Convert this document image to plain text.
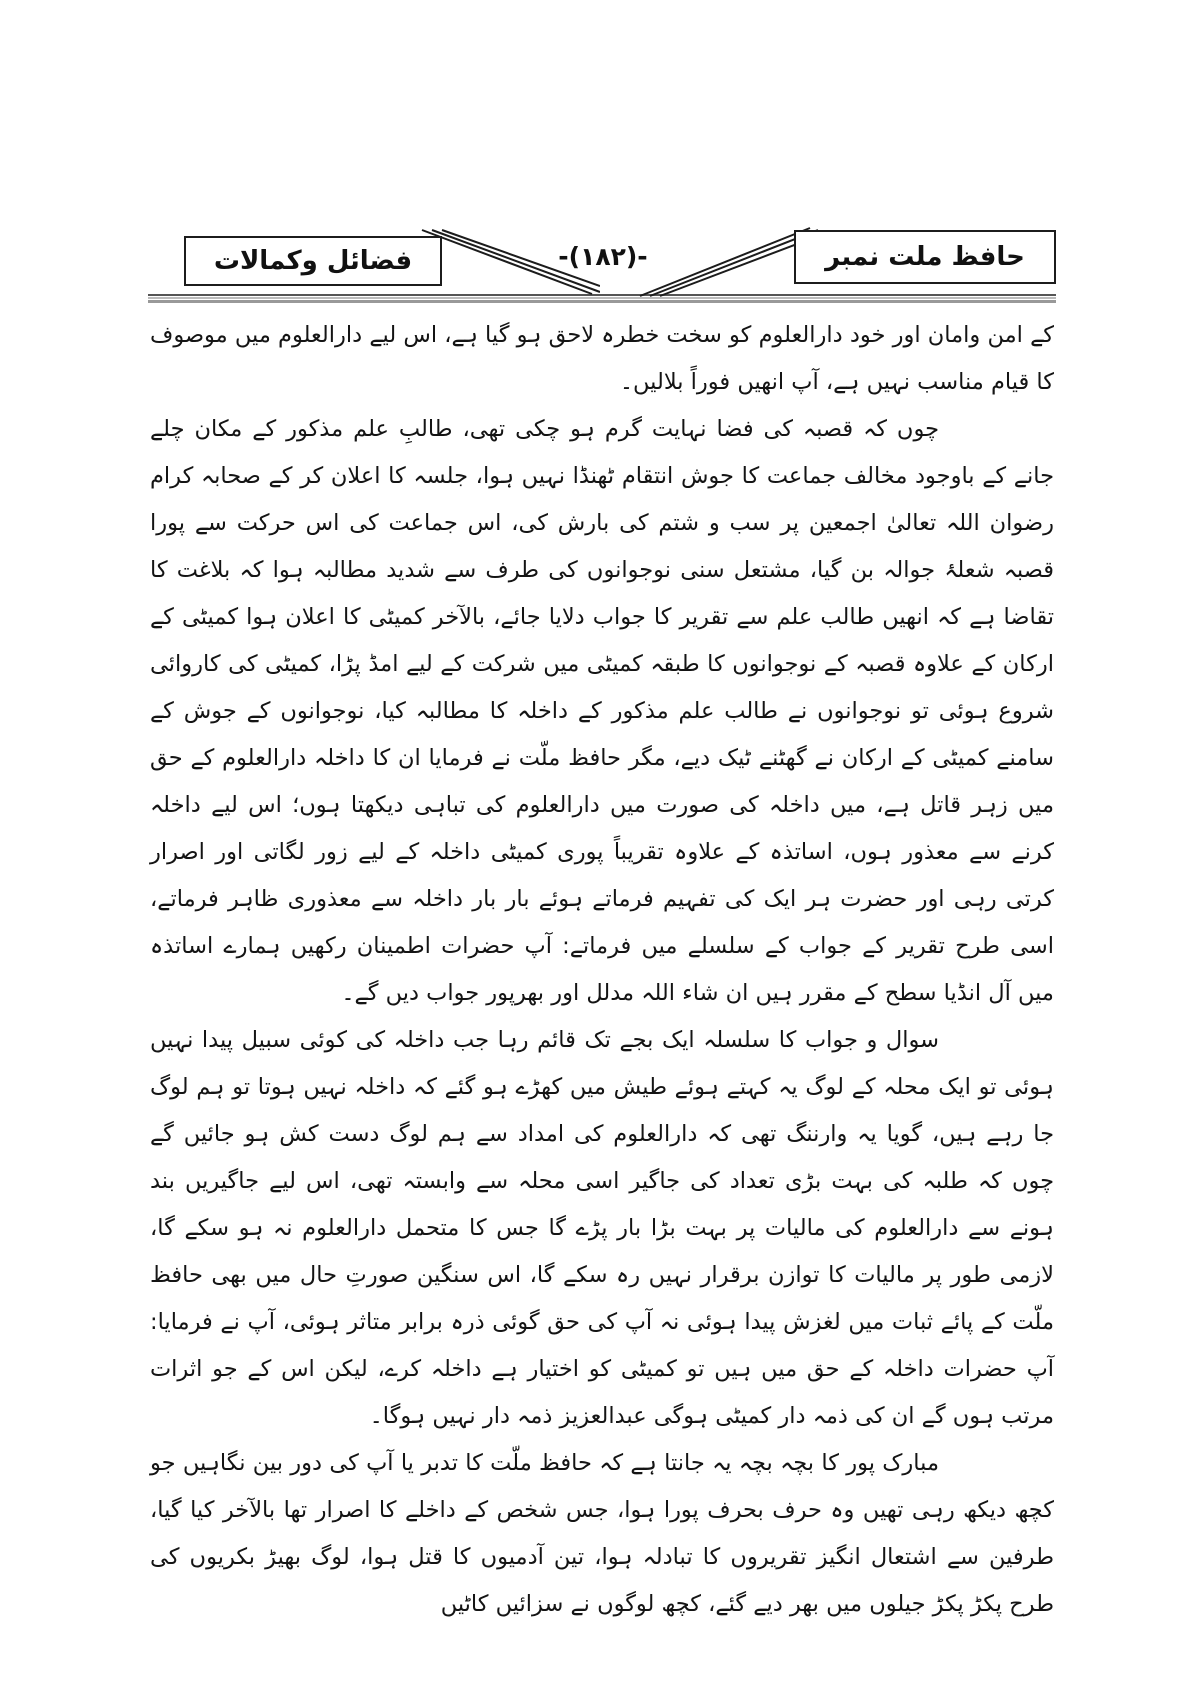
فضائل وکمالات	-(۱۸۲)-	حافظ ملت نمبر

کے امن وامان اور خود دارالعلوم کو سخت خطرہ لاحق ہو گیا ہے، اس لیے دارالعلوم میں موصوف کا قیام مناسب نہیں ہے، آپ انھیں فوراً بلالیں۔

چوں کہ قصبہ کی فضا نہایت گرم ہو چکی تھی، طالبِ علم مذکور کے مکان چلے جانے کے باوجود مخالف جماعت کا جوش انتقام ٹھنڈا نہیں ہوا، جلسہ کا اعلان کر کے صحابہ کرام رضوان اللہ تعالیٰ اجمعین پر سب و شتم کی بارش کی، اس جماعت کی اس حرکت سے پورا قصبہ شعلۂ جوالہ بن گیا، مشتعل سنی نوجوانوں کی طرف سے شدید مطالبہ ہوا کہ بلاغت کا تقاضا ہے کہ انھیں طالب علم سے تقریر کا جواب دلایا جائے، بالآخر کمیٹی کا اعلان ہوا کمیٹی کے ارکان کے علاوہ قصبہ کے نوجوانوں کا طبقہ کمیٹی میں شرکت کے لیے امڈ پڑا، کمیٹی کی کاروائی شروع ہوئی تو نوجوانوں نے طالب علم مذکور کے داخلہ کا مطالبہ کیا، نوجوانوں کے جوش کے سامنے کمیٹی کے ارکان نے گھٹنے ٹیک دیے، مگر حافظ ملّت نے فرمایا ان کا داخلہ دارالعلوم کے حق میں زہر قاتل ہے، میں داخلہ کی صورت میں دارالعلوم کی تباہی دیکھتا ہوں؛ اس لیے داخلہ کرنے سے معذور ہوں، اساتذہ کے علاوہ تقریباً پوری کمیٹی داخلہ کے لیے زور لگاتی اور اصرار کرتی رہی اور حضرت ہر ایک کی تفہیم فرماتے ہوئے بار بار داخلہ سے معذوری ظاہر فرماتے، اسی طرح تقریر کے جواب کے سلسلے میں فرماتے: آپ حضرات اطمینان رکھیں ہمارے اساتذہ میں آل انڈیا سطح کے مقرر ہیں ان شاء اللہ مدلل اور بھرپور جواب دیں گے۔

سوال و جواب کا سلسلہ ایک بجے تک قائم رہا جب داخلہ کی کوئی سبیل پیدا نہیں ہوئی تو ایک محلہ کے لوگ یہ کہتے ہوئے طیش میں کھڑے ہو گئے کہ داخلہ نہیں ہوتا تو ہم لوگ جا رہے ہیں، گویا یہ وارننگ تھی کہ دارالعلوم کی امداد سے ہم لوگ دست کش ہو جائیں گے چوں کہ طلبہ کی بہت بڑی تعداد کی جاگیر اسی محلہ سے وابستہ تھی، اس لیے جاگیریں بند ہونے سے دارالعلوم کی مالیات پر بہت بڑا بار پڑے گا جس کا متحمل دارالعلوم نہ ہو سکے گا، لازمی طور پر مالیات کا توازن برقرار نہیں رہ سکے گا، اس سنگین صورتِ حال میں بھی حافظ ملّت کے پائے ثبات میں لغزش پیدا ہوئی نہ آپ کی حق گوئی ذرہ برابر متاثر ہوئی، آپ نے فرمایا: آپ حضرات داخلہ کے حق میں ہیں تو کمیٹی کو اختیار ہے داخلہ کرے، لیکن اس کے جو اثرات مرتب ہوں گے ان کی ذمہ دار کمیٹی ہوگی عبدالعزیز ذمہ دار نہیں ہوگا۔

مبارک پور کا بچہ بچہ یہ جانتا ہے کہ حافظ ملّت کا تدبر یا آپ کی دور بین نگاہیں جو کچھ دیکھ رہی تھیں وہ حرف بحرف پورا ہوا، جس شخص کے داخلے کا اصرار تھا بالآخر کیا گیا، طرفین سے اشتعال انگیز تقریروں کا تبادلہ ہوا، تین آدمیوں کا قتل ہوا، لوگ بھیڑ بکریوں کی طرح پکڑ پکڑ جیلوں میں بھر دیے گئے، کچھ لوگوں نے سزائیں کاٹیں
